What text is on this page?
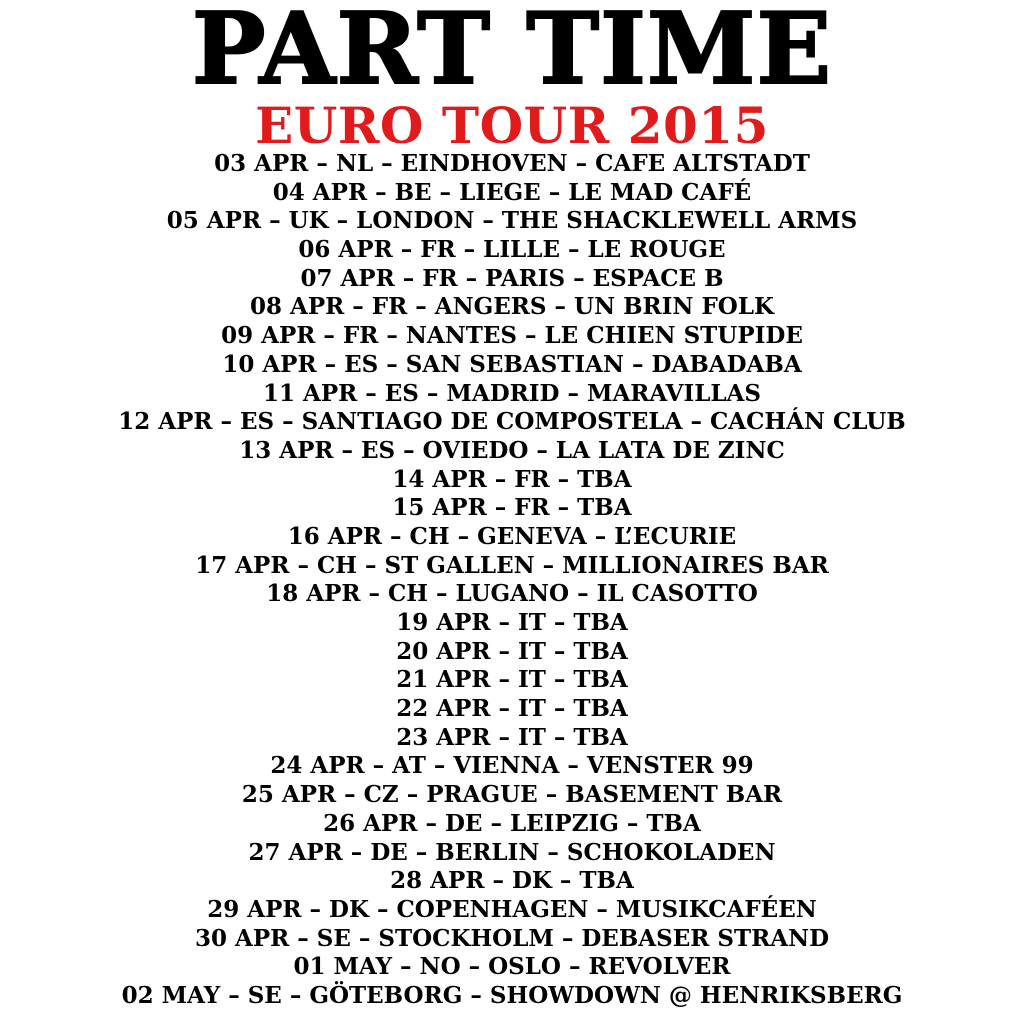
PART TIME
EURO TOUR 2015
03 APR – NL – EINDHOVEN – CAFE ALTSTADT
04 APR – BE – LIEGE – LE MAD CAFÉ
05 APR – UK – LONDON – THE SHACKLEWELL ARMS
06 APR – FR – LILLE – LE ROUGE
07 APR – FR – PARIS – ESPACE B
08 APR – FR – ANGERS – UN BRIN FOLK
09 APR – FR – NANTES – LE CHIEN STUPIDE
10 APR – ES – SAN SEBASTIAN – DABADABA
11 APR – ES – MADRID – MARAVILLAS
12 APR – ES – SANTIAGO DE COMPOSTELA – CACHÁN CLUB
13 APR – ES – OVIEDO – LA LATA DE ZINC
14 APR – FR – TBA
15 APR – FR – TBA
16 APR – CH – GENEVA – L’ECURIE
17 APR – CH – ST GALLEN – MILLIONAIRES BAR
18 APR – CH – LUGANO – IL CASOTTO
19 APR – IT – TBA
20 APR – IT – TBA
21 APR – IT – TBA
22 APR – IT – TBA
23 APR – IT – TBA
24 APR – AT – VIENNA – VENSTER 99
25 APR – CZ – PRAGUE – BASEMENT BAR
26 APR – DE – LEIPZIG – TBA
27 APR – DE – BERLIN – SCHOKOLADEN
28 APR – DK – TBA
29 APR – DK – COPENHAGEN – MUSIKCAFÉEN
30 APR – SE – STOCKHOLM – DEBASER STRAND
01 MAY – NO – OSLO – REVOLVER
02 MAY – SE – GÖTEBORG – SHOWDOWN @ HENRIKSBERG
